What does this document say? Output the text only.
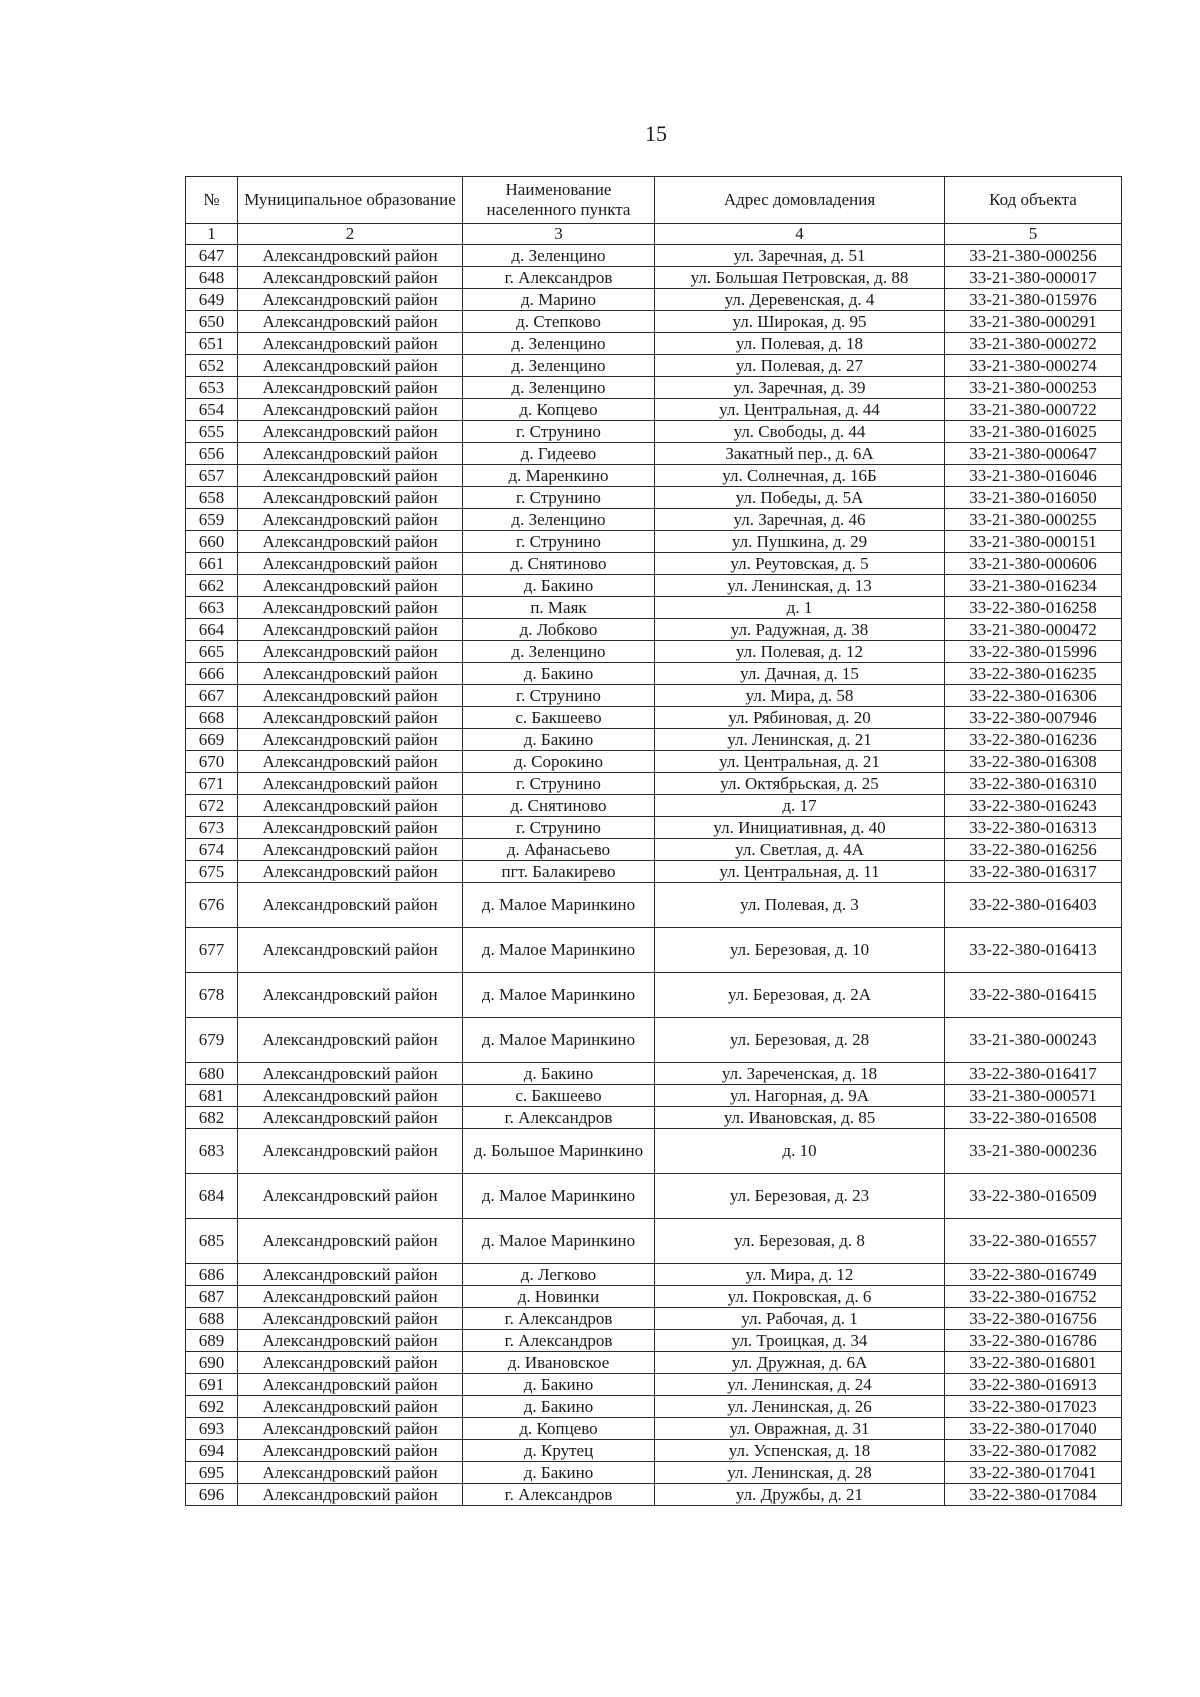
15
№	Муниципальное образование	Наименование населенного пункта	Адрес домовладения	Код объекта
1	2	3	4	5
647	Александровский район	д. Зеленцино	ул. Заречная, д. 51	33-21-380-000256
648	Александровский район	г. Александров	ул. Большая Петровская, д. 88	33-21-380-000017
649	Александровский район	д. Марино	ул. Деревенская, д. 4	33-21-380-015976
650	Александровский район	д. Степково	ул. Широкая, д. 95	33-21-380-000291
651	Александровский район	д. Зеленцино	ул. Полевая, д. 18	33-21-380-000272
652	Александровский район	д. Зеленцино	ул. Полевая, д. 27	33-21-380-000274
653	Александровский район	д. Зеленцино	ул. Заречная, д. 39	33-21-380-000253
654	Александровский район	д. Копцево	ул. Центральная, д. 44	33-21-380-000722
655	Александровский район	г. Струнино	ул. Свободы, д. 44	33-21-380-016025
656	Александровский район	д. Гидеево	Закатный пер., д. 6А	33-21-380-000647
657	Александровский район	д. Маренкино	ул. Солнечная, д. 16Б	33-21-380-016046
658	Александровский район	г. Струнино	ул. Победы, д. 5А	33-21-380-016050
659	Александровский район	д. Зеленцино	ул. Заречная, д. 46	33-21-380-000255
660	Александровский район	г. Струнино	ул. Пушкина, д. 29	33-21-380-000151
661	Александровский район	д. Снятиново	ул. Реутовская, д. 5	33-21-380-000606
662	Александровский район	д. Бакино	ул. Ленинская, д. 13	33-21-380-016234
663	Александровский район	п. Маяк	д. 1	33-22-380-016258
664	Александровский район	д. Лобково	ул. Радужная, д. 38	33-21-380-000472
665	Александровский район	д. Зеленцино	ул. Полевая, д. 12	33-22-380-015996
666	Александровский район	д. Бакино	ул. Дачная, д. 15	33-22-380-016235
667	Александровский район	г. Струнино	ул. Мира, д. 58	33-22-380-016306
668	Александровский район	с. Бакшеево	ул. Рябиновая, д. 20	33-22-380-007946
669	Александровский район	д. Бакино	ул. Ленинская, д. 21	33-22-380-016236
670	Александровский район	д. Сорокино	ул. Центральная, д. 21	33-22-380-016308
671	Александровский район	г. Струнино	ул. Октябрьская, д. 25	33-22-380-016310
672	Александровский район	д. Снятиново	д. 17	33-22-380-016243
673	Александровский район	г. Струнино	ул. Инициативная, д. 40	33-22-380-016313
674	Александровский район	д. Афанасьево	ул. Светлая, д. 4А	33-22-380-016256
675	Александровский район	пгт. Балакирево	ул. Центральная, д. 11	33-22-380-016317
676	Александровский район	д. Малое Маринкино	ул. Полевая, д. 3	33-22-380-016403
677	Александровский район	д. Малое Маринкино	ул. Березовая, д. 10	33-22-380-016413
678	Александровский район	д. Малое Маринкино	ул. Березовая, д. 2А	33-22-380-016415
679	Александровский район	д. Малое Маринкино	ул. Березовая, д. 28	33-21-380-000243
680	Александровский район	д. Бакино	ул. Зареченская, д. 18	33-22-380-016417
681	Александровский район	с. Бакшеево	ул. Нагорная, д. 9А	33-21-380-000571
682	Александровский район	г. Александров	ул. Ивановская, д. 85	33-22-380-016508
683	Александровский район	д. Большое Маринкино	д. 10	33-21-380-000236
684	Александровский район	д. Малое Маринкино	ул. Березовая, д. 23	33-22-380-016509
685	Александровский район	д. Малое Маринкино	ул. Березовая, д. 8	33-22-380-016557
686	Александровский район	д. Легково	ул. Мира, д. 12	33-22-380-016749
687	Александровский район	д. Новинки	ул. Покровская, д. 6	33-22-380-016752
688	Александровский район	г. Александров	ул. Рабочая, д. 1	33-22-380-016756
689	Александровский район	г. Александров	ул. Троицкая, д. 34	33-22-380-016786
690	Александровский район	д. Ивановское	ул. Дружная, д. 6А	33-22-380-016801
691	Александровский район	д. Бакино	ул. Ленинская, д. 24	33-22-380-016913
692	Александровский район	д. Бакино	ул. Ленинская, д. 26	33-22-380-017023
693	Александровский район	д. Копцево	ул. Овражная, д. 31	33-22-380-017040
694	Александровский район	д. Крутец	ул. Успенская, д. 18	33-22-380-017082
695	Александровский район	д. Бакино	ул. Ленинская, д. 28	33-22-380-017041
696	Александровский район	г. Александров	ул. Дружбы, д. 21	33-22-380-017084
